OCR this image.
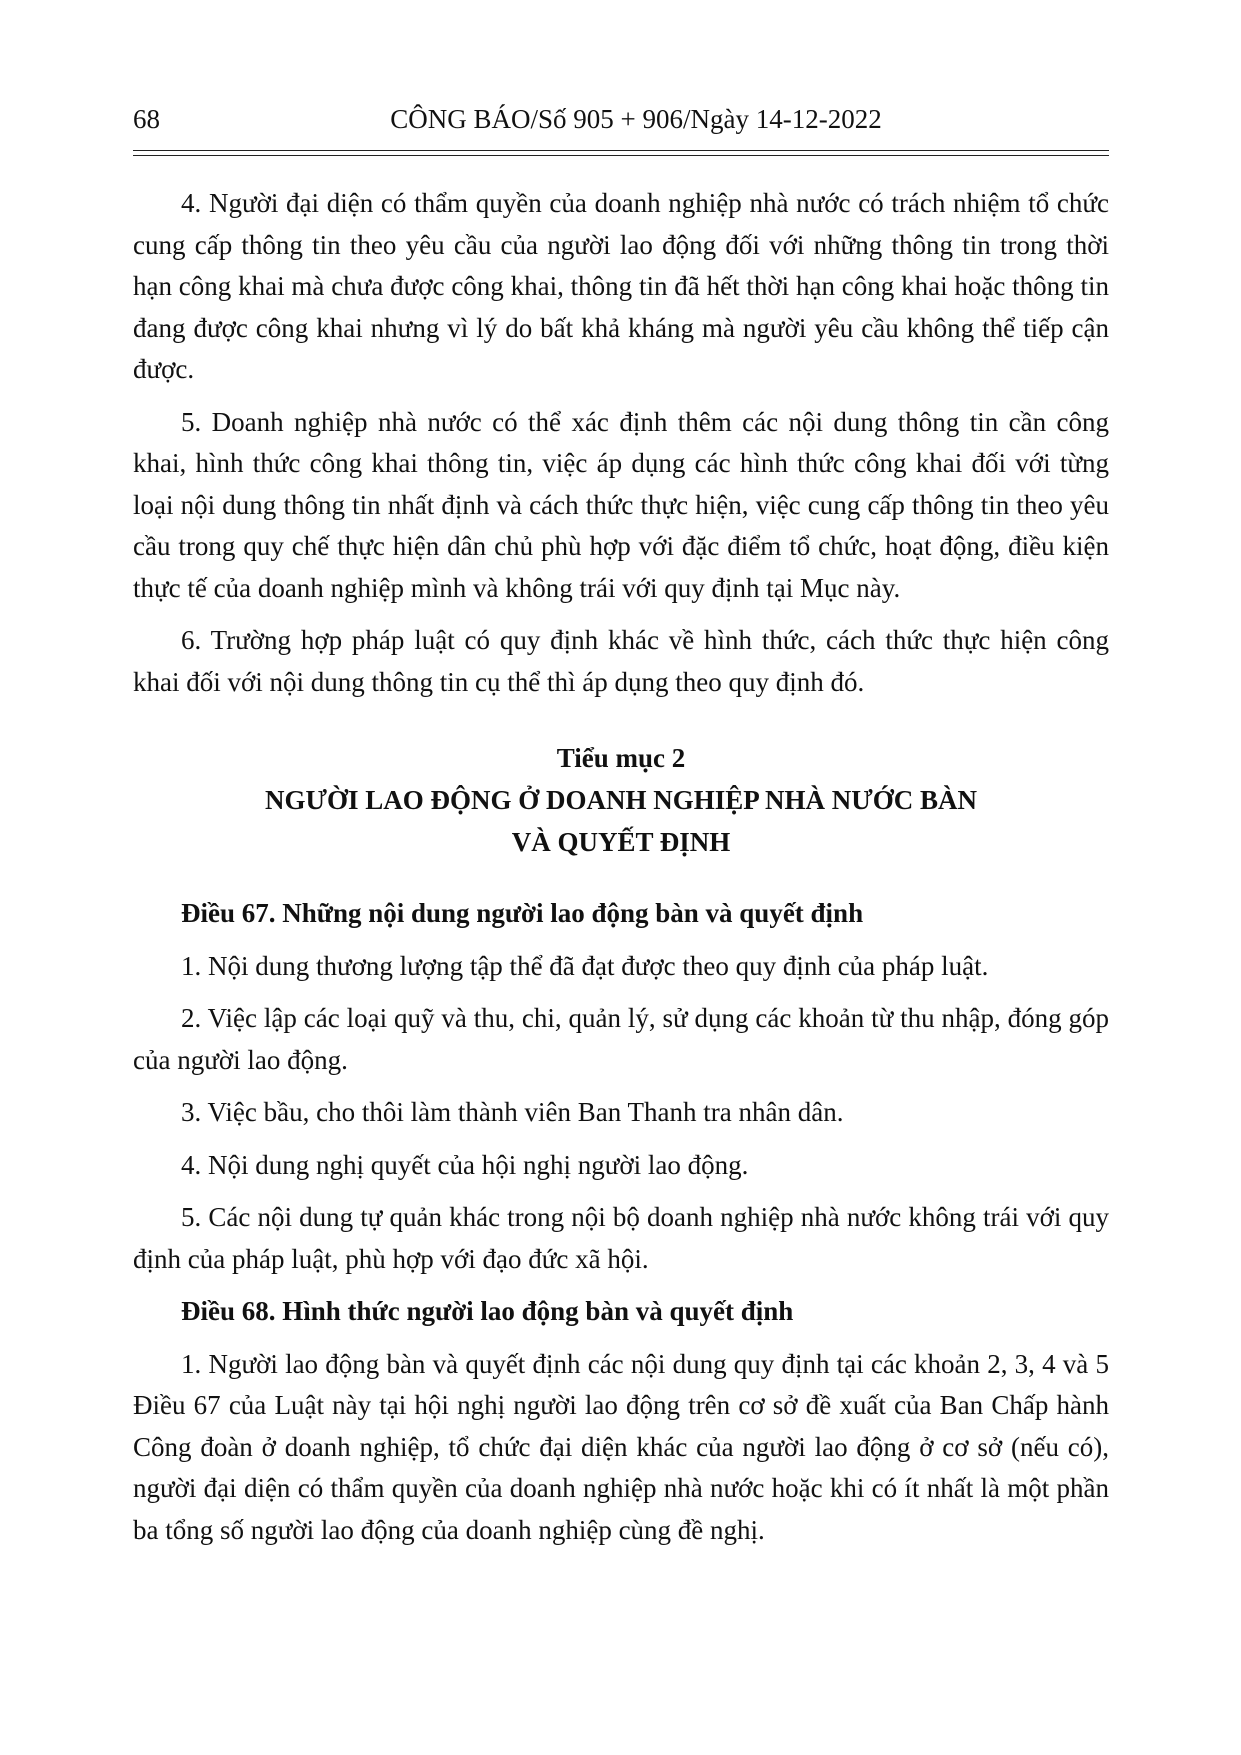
68	CÔNG BÁO/Số 905 + 906/Ngày 14-12-2022

4. Người đại diện có thẩm quyền của doanh nghiệp nhà nước có trách nhiệm tổ chức cung cấp thông tin theo yêu cầu của người lao động đối với những thông tin trong thời hạn công khai mà chưa được công khai, thông tin đã hết thời hạn công khai hoặc thông tin đang được công khai nhưng vì lý do bất khả kháng mà người yêu cầu không thể tiếp cận được.

5. Doanh nghiệp nhà nước có thể xác định thêm các nội dung thông tin cần công khai, hình thức công khai thông tin, việc áp dụng các hình thức công khai đối với từng loại nội dung thông tin nhất định và cách thức thực hiện, việc cung cấp thông tin theo yêu cầu trong quy chế thực hiện dân chủ phù hợp với đặc điểm tổ chức, hoạt động, điều kiện thực tế của doanh nghiệp mình và không trái với quy định tại Mục này.

6. Trường hợp pháp luật có quy định khác về hình thức, cách thức thực hiện công khai đối với nội dung thông tin cụ thể thì áp dụng theo quy định đó.

Tiểu mục 2
NGƯỜI LAO ĐỘNG Ở DOANH NGHIỆP NHÀ NƯỚC BÀN
VÀ QUYẾT ĐỊNH

Điều 67. Những nội dung người lao động bàn và quyết định

1. Nội dung thương lượng tập thể đã đạt được theo quy định của pháp luật.

2. Việc lập các loại quỹ và thu, chi, quản lý, sử dụng các khoản từ thu nhập, đóng góp của người lao động.

3. Việc bầu, cho thôi làm thành viên Ban Thanh tra nhân dân.

4. Nội dung nghị quyết của hội nghị người lao động.

5. Các nội dung tự quản khác trong nội bộ doanh nghiệp nhà nước không trái với quy định của pháp luật, phù hợp với đạo đức xã hội.

Điều 68. Hình thức người lao động bàn và quyết định

1. Người lao động bàn và quyết định các nội dung quy định tại các khoản 2, 3, 4 và 5 Điều 67 của Luật này tại hội nghị người lao động trên cơ sở đề xuất của Ban Chấp hành Công đoàn ở doanh nghiệp, tổ chức đại diện khác của người lao động ở cơ sở (nếu có), người đại diện có thẩm quyền của doanh nghiệp nhà nước hoặc khi có ít nhất là một phần ba tổng số người lao động của doanh nghiệp cùng đề nghị.
